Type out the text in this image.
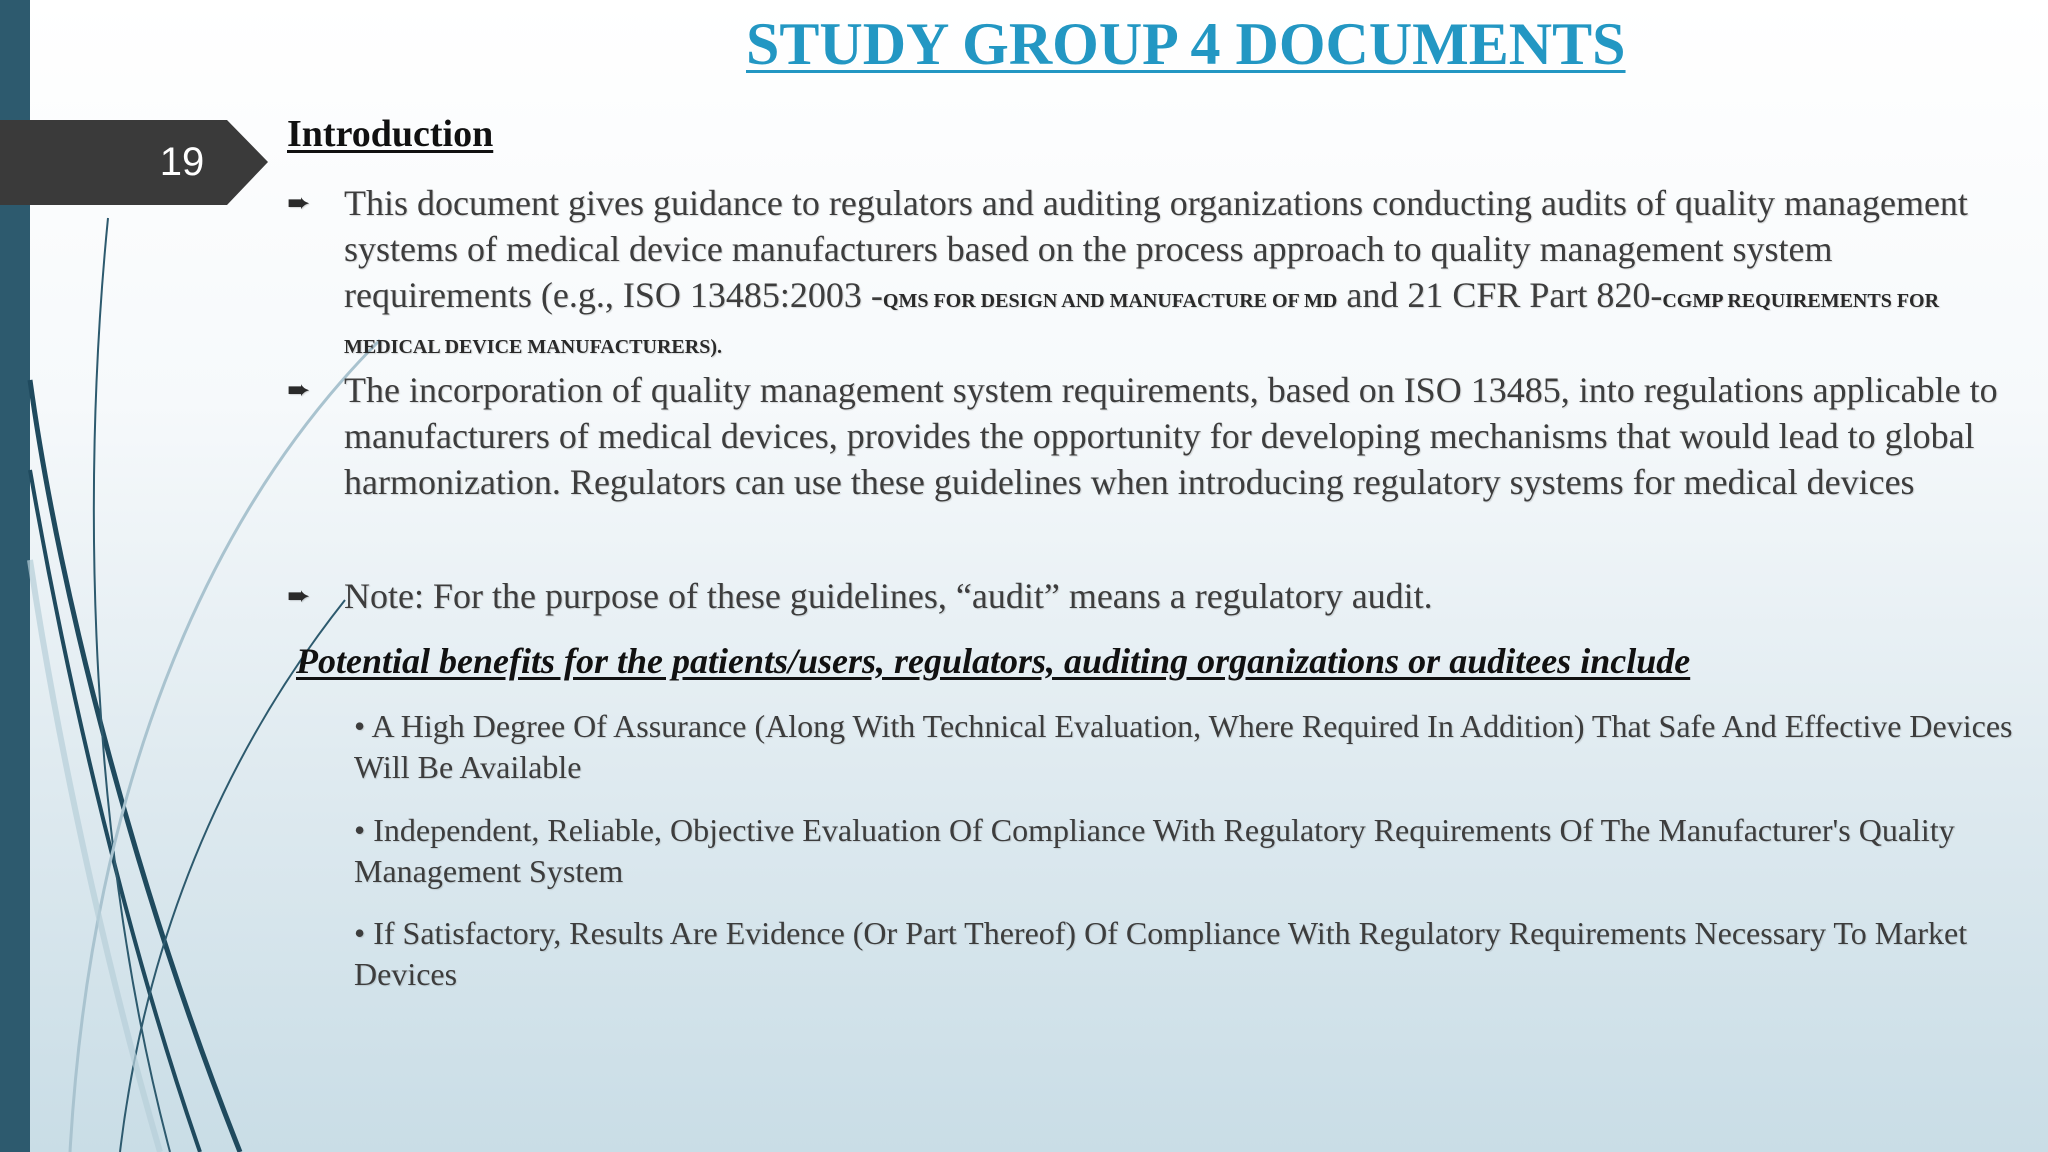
19
STUDY GROUP 4 DOCUMENTS
Introduction
➨ This document gives guidance to regulators and auditing organizations conducting audits of quality management systems of medical device manufacturers based on the process approach to quality management system requirements (e.g., ISO 13485:2003 -QMS FOR DESIGN AND MANUFACTURE OF MD and 21 CFR Part 820-CGMP REQUIREMENTS FOR MEDICAL DEVICE MANUFACTURERS).
➨ The incorporation of quality management system requirements, based on ISO 13485, into regulations applicable to manufacturers of medical devices, provides the opportunity for developing mechanisms that would lead to global harmonization. Regulators can use these guidelines when introducing regulatory systems for medical devices
➨ Note: For the purpose of these guidelines, “audit” means a regulatory audit.
Potential benefits for the patients/users, regulators, auditing organizations or auditees include
• A High Degree Of Assurance (Along With Technical Evaluation, Where Required In Addition) That Safe And Effective Devices Will Be Available
• Independent, Reliable, Objective Evaluation Of Compliance With Regulatory Requirements Of The Manufacturer's Quality Management System
• If Satisfactory, Results Are Evidence (Or Part Thereof) Of Compliance With Regulatory Requirements Necessary To Market Devices
